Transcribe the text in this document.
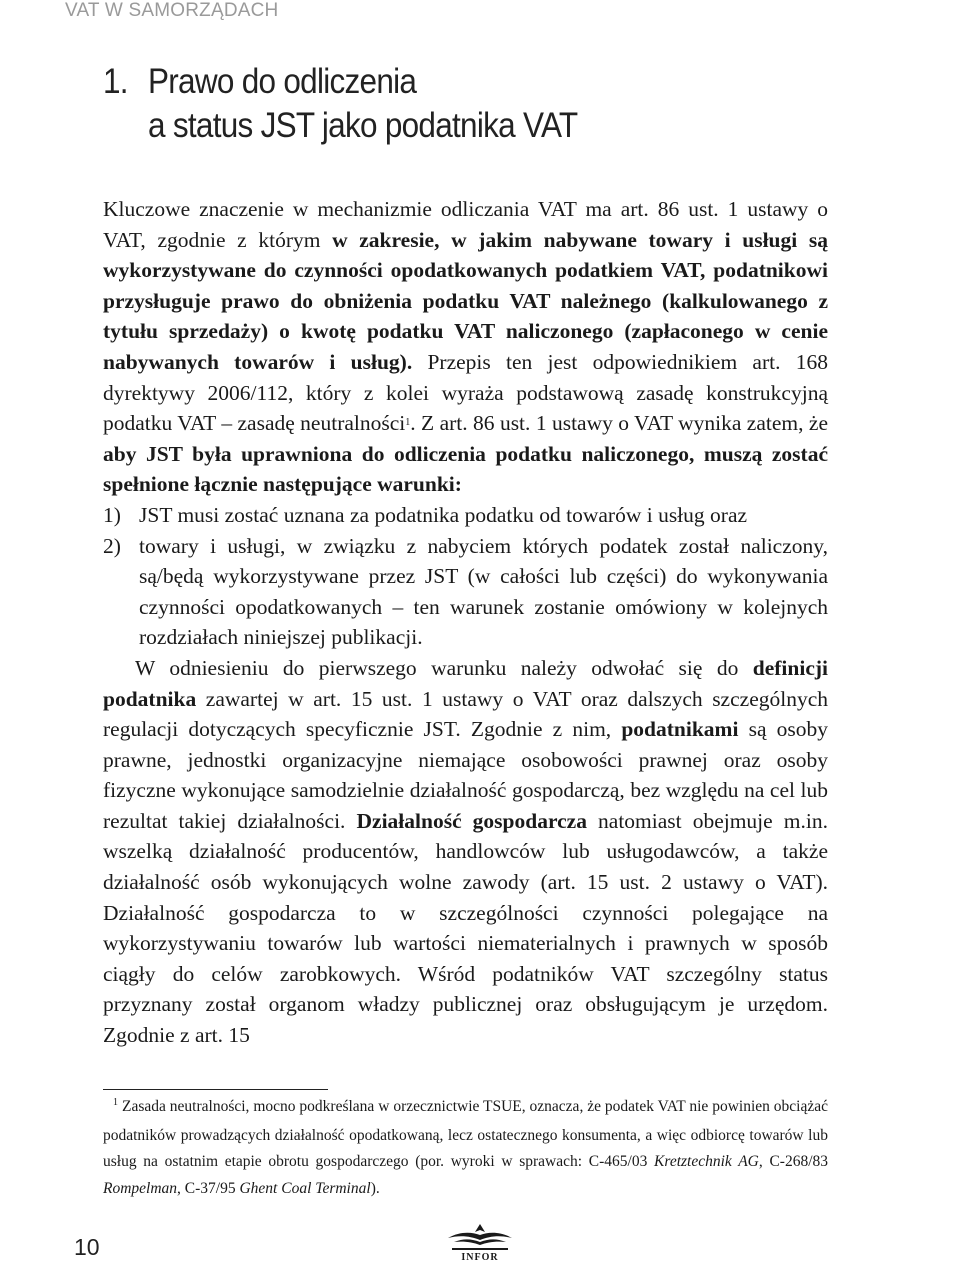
VAT W SAMORZĄDACH
1. Prawo do odliczenia
a status JST jako podatnika VAT

Kluczowe znaczenie w mechanizmie odliczania VAT ma art. 86 ust. 1 ustawy o VAT, zgodnie z którym w zakresie, w jakim nabywane towary i usługi są wykorzystywane do czynności opodatkowanych podatkiem VAT, podatnikowi przysługuje prawo do obniżenia podatku VAT należnego (kalkulowanego z tytułu sprzedaży) o kwotę podatku VAT naliczonego (zapłaconego w cenie nabywanych towarów i usług). Przepis ten jest odpowiednikiem art. 168 dyrektywy 2006/112, który z kolei wyraża podstawową zasadę konstrukcyjną podatku VAT – zasadę neutralności$^1$. Z art. 86 ust. 1 ustawy o VAT wynika zatem, że aby JST była uprawniona do odliczenia podatku naliczonego, muszą zostać spełnione łącznie następujące warunki:

1) JST musi zostać uznana za podatnika podatku od towarów i usług oraz
2) towary i usługi, w związku z nabyciem których podatek został naliczony, są/będą wykorzystywane przez JST (w całości lub części) do wykonywania czynności opodatkowanych – ten warunek zostanie omówiony w kolejnych rozdziałach niniejszej publikacji.

W odniesieniu do pierwszego warunku należy odwołać się do definicji podatnika zawartej w art. 15 ust. 1 ustawy o VAT oraz dalszych szczególnych regulacji dotyczących specyficznie JST. Zgodnie z nim, podatnikami są osoby prawne, jednostki organizacyjne niemające osobowości prawnej oraz osoby fizyczne wykonujące samodzielnie działalność gospodarczą, bez względu na cel lub rezultat takiej działalności. Działalność gospodarcza natomiast obejmuje m.in. wszelką działalność producentów, handlowców lub usługodawców, a także działalność osób wykonujących wolne zawody (art. 15 ust. 2 ustawy o VAT). Działalność gospodarcza to w szczególności czynności polegające na wykorzystywaniu towarów lub wartości niematerialnych i prawnych w sposób ciągły do celów zarobkowych. Wśród podatników VAT szczególny status przyznany został organom władzy publicznej oraz obsługującym je urzędom. Zgodnie z art. 15

$^1$ Zasada neutralności, mocno podkreślana w orzecznictwie TSUE, oznacza, że podatek VAT nie powinien obciążać podatników prowadzących działalność opodatkowaną, lecz ostatecznego konsumenta, a więc odbiorcę towarów lub usług na ostatnim etapie obrotu gospodarczego (por. wyroki w sprawach: C-465/03 Kretztechnik AG, C-268/83 Rompelman, C-37/95 Ghent Coal Terminal).
10	INFOR
